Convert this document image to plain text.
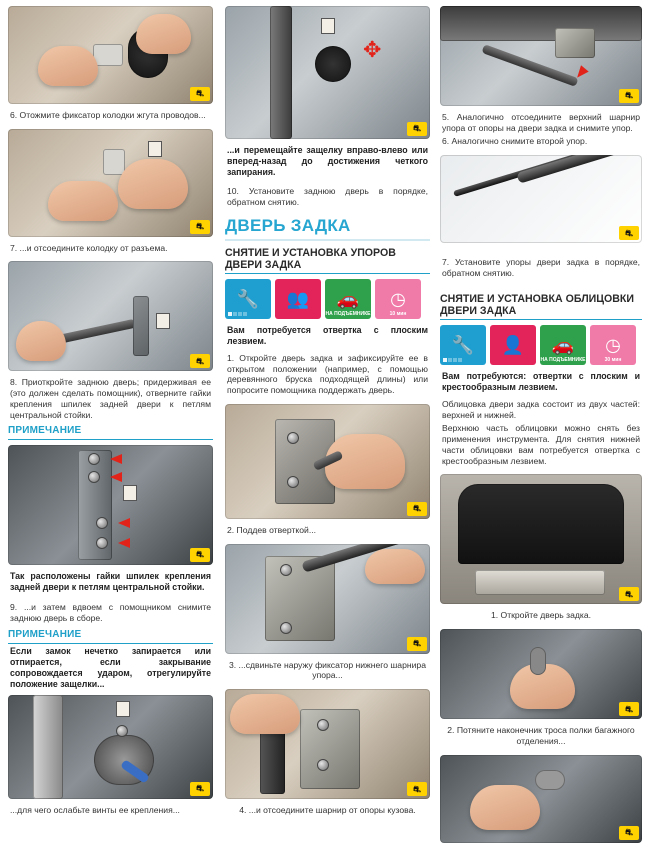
⛐
6. Отожмите фиксатор колодки жгута проводов...
⛐
7. ...и отсоедините колодку от разъема.
⛐
8. Приоткройте заднюю дверь; придерживая ее (это должен сделать помощник), отверните гайки крепления шпилек задней двери к петлям центральной стойки.
ПРИМЕЧАНИЕ
⛐
Так расположены гайки шпилек крепления задней двери к петлям центральной стойки.
9. ...и затем вдвоем с помощником снимите заднюю дверь в сборе.
ПРИМЕЧАНИЕ
Если замок нечетко запирается или отпирается, если закрывание сопровождается ударом, отрегулируйте положение защелки...
⛐
...для чего ослабьте винты ее крепления...
✥
⛐
...и перемещайте защелку вправо-влево или вперед-назад до достижения четкого запирания.
10. Установите заднюю дверь в порядке, обратном снятию.
ДВЕРЬ ЗАДКА
СНЯТИЕ И УСТАНОВКА УПОРОВ ДВЕРИ ЗАДКА
🔧	👥	🚗
НА ПОДЪЕМНИКЕ
◷
10 мин
Вам потребуется отвертка с плоским лезвием.
1. Откройте дверь задка и зафиксируйте ее в открытом положении (например, с помощью деревянного бруска подходящей длины) или попросите помощника поддержать дверь.
⛐
2. Поддев отверткой...
⛐
3. ...сдвиньте наружу фиксатор нижнего шарнира упора...
⛐
4. ...и отсоедините шарнир от опоры кузова.
⛐
5. Аналогично отсоедините верхний шарнир упора от опоры на двери задка и снимите упор.
6. Аналогично снимите второй упор.
⛐
7. Установите упоры двери задка в порядке, обратном снятию.
СНЯТИЕ И УСТАНОВКА ОБЛИЦОВКИ ДВЕРИ ЗАДКА
🔧	👤	🚗
НА ПОДЪЕМНИКЕ
◷
30 мин
Вам потребуются: отвертки с плоским и крестообразным лезвием.
Облицовка двери задка состоит из двух частей: верхней и нижней.
Верхнюю часть облицовки можно снять без применения инструмента. Для снятия нижней части облицовки вам потребуется отвертка с крестообразным лезвием.
⛐
1. Откройте дверь задка.
⛐
2. Потяните наконечник троса полки багажного отделения...
⛐
